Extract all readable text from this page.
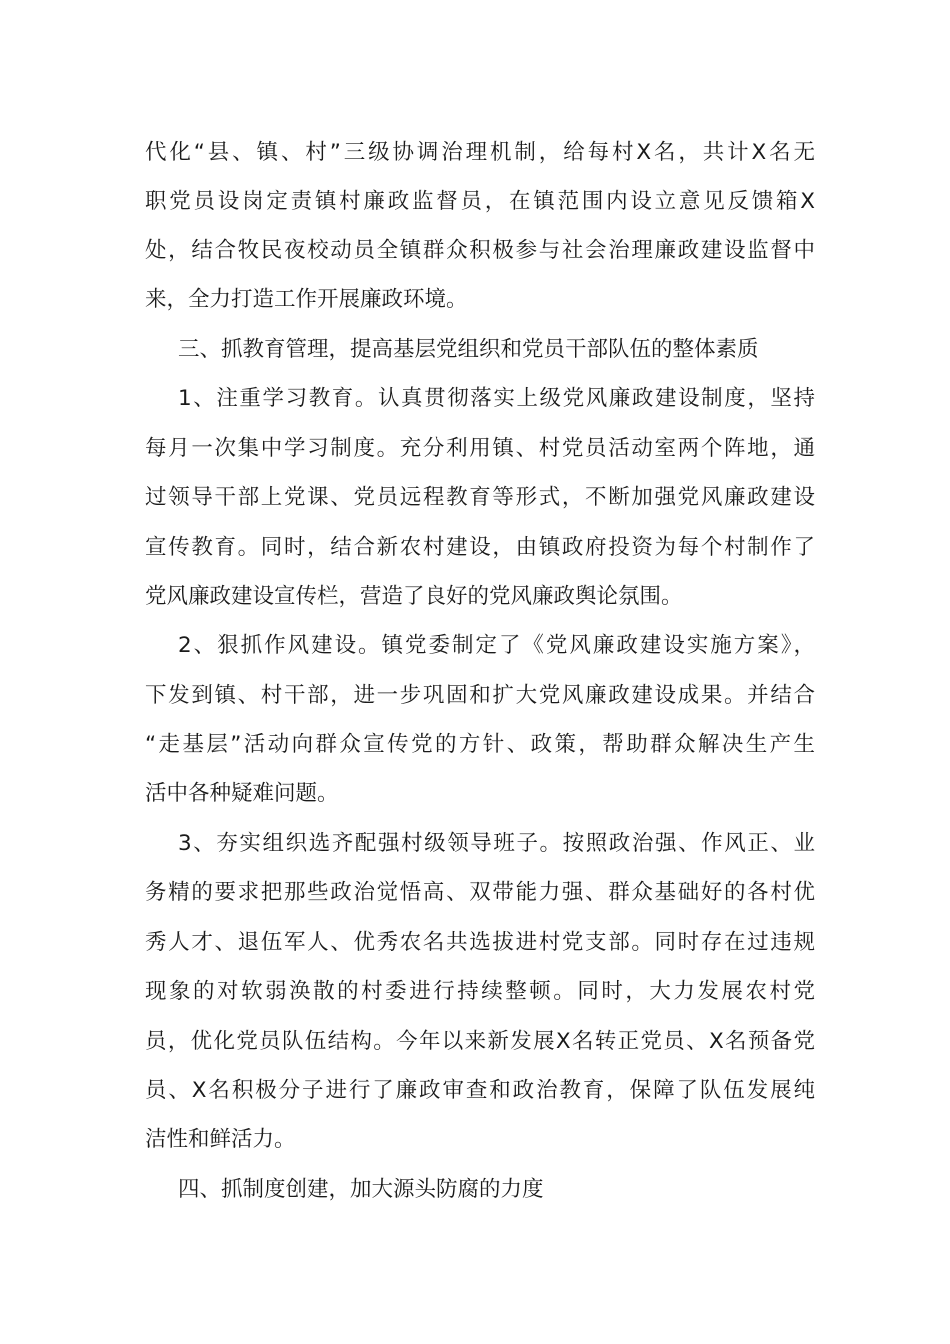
代化“县、镇、村”三级协调治理机制，给每村X名，共计X名无
职党员设岗定责镇村廉政监督员，在镇范围内设立意见反馈箱X
处，结合牧民夜校动员全镇群众积极参与社会治理廉政建设监督中
来，全力打造工作开展廉政环境。
三、抓教育管理，提高基层党组织和党员干部队伍的整体素质
1、注重学习教育。认真贯彻落实上级党风廉政建设制度，坚持
每月一次集中学习制度。充分利用镇、村党员活动室两个阵地，通
过领导干部上党课、党员远程教育等形式，不断加强党风廉政建设
宣传教育。同时，结合新农村建设，由镇政府投资为每个村制作了
党风廉政建设宣传栏，营造了良好的党风廉政舆论氛围。
2、狠抓作风建设。镇党委制定了《党风廉政建设实施方案》，
下发到镇、村干部，进一步巩固和扩大党风廉政建设成果。并结合
“走基层”活动向群众宣传党的方针、政策，帮助群众解决生产生
活中各种疑难问题。
3、夯实组织选齐配强村级领导班子。按照政治强、作风正、业
务精的要求把那些政治觉悟高、双带能力强、群众基础好的各村优
秀人才、退伍军人、优秀农名共选拔进村党支部。同时存在过违规
现象的对软弱涣散的村委进行持续整顿。同时，大力发展农村党
员，优化党员队伍结构。今年以来新发展X名转正党员、X名预备党
员、X名积极分子进行了廉政审查和政治教育，保障了队伍发展纯
洁性和鲜活力。
四、抓制度创建，加大源头防腐的力度
